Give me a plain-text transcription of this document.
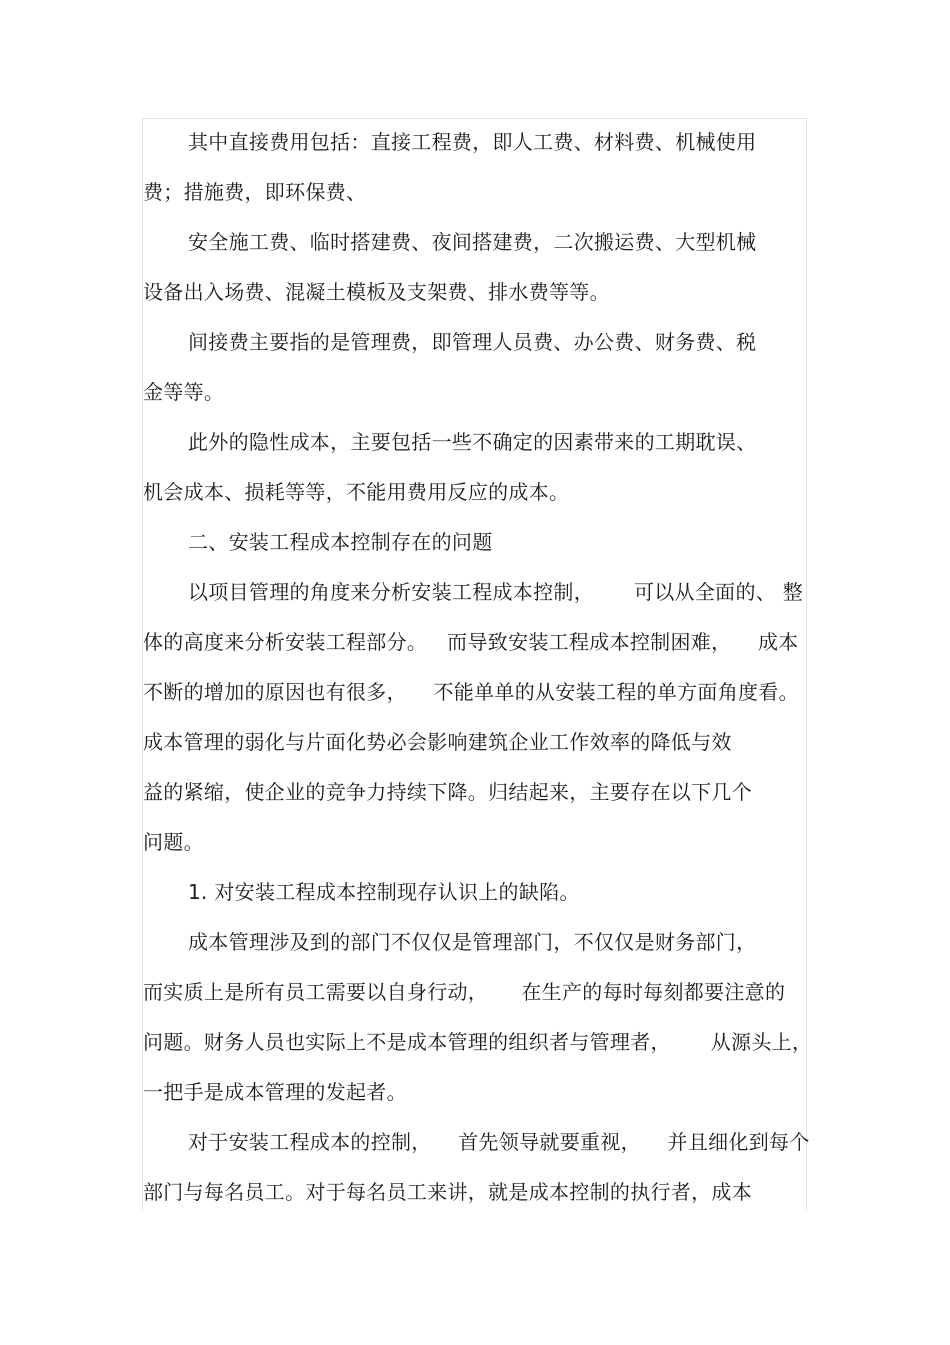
其中直接费用包括：直接工程费，即人工费、材料费、机械使用
费；措施费，即环保费、
安全施工费、临时搭建费、夜间搭建费，二次搬运费、大型机械
设备出入场费、混凝土模板及支架费、排水费等等。
间接费主要指的是管理费，即管理人员费、办公费、财务费、税
金等等。
此外的隐性成本，主要包括一些不确定的因素带来的工期耽误、
机会成本、损耗等等，不能用费用反应的成本。
二、安装工程成本控制存在的问题
以项目管理的角度来分析安装工程成本控制，      可以从全面的、 整
体的高度来分析安装工程部分。   而导致安装工程成本控制困难，    成本
不断的增加的原因也有很多，    不能单单的从安装工程的单方面角度看。
成本管理的弱化与片面化势必会影响建筑企业工作效率的降低与效
益的紧缩，使企业的竞争力持续下降。归结起来，主要存在以下几个
问题。
1. 对安装工程成本控制现存认识上的缺陷。
成本管理涉及到的部门不仅仅是管理部门，不仅仅是财务部门，
而实质上是所有员工需要以自身行动，     在生产的每时每刻都要注意的
问题。财务人员也实际上不是成本管理的组织者与管理者，      从源头上，
一把手是成本管理的发起者。
对于安装工程成本的控制，    首先领导就要重视，    并且细化到每个
部门与每名员工。对于每名员工来讲，就是成本控制的执行者，成本
